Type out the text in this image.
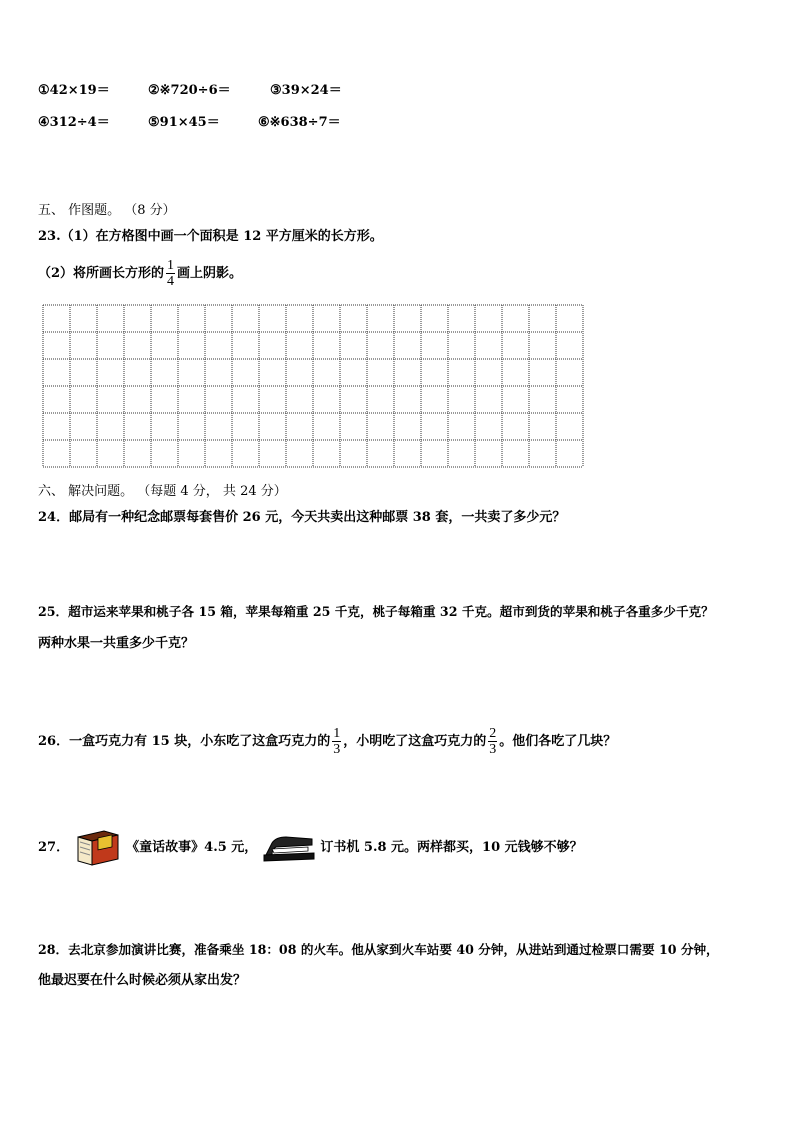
①42×19＝	②※720÷6＝	③39×24＝
④312÷4＝	⑤91×45＝	⑥※638÷7＝
五、 作图题。 （8 分）
23.（1）在方格图中画一个面积是 12 平方厘米的长方形。
（2）将所画长方形的 $\frac{1}{4}$ 画上阴影。
六、 解决问题。 （每题 4 分， 共 24 分）
24．邮局有一种纪念邮票每套售价 26 元，今天共卖出这种邮票 38 套，一共卖了多少元？
25．超市运来苹果和桃子各 15 箱，苹果每箱重 25 千克，桃子每箱重 32 千克。超市到货的苹果和桃子各重多少千克？
两种水果一共重多少千克？
26．一盒巧克力有 15 块，小东吃了这盒巧克力的 $\frac{1}{3}$ ，小明吃了这盒巧克力的 $\frac{2}{3}$ 。他们各吃了几块？
27．	《童话故事》4.5 元，	订书机 5.8 元。两样都买，10 元钱够不够？
28．去北京参加演讲比赛，准备乘坐 18：08 的火车。他从家到火车站要 40 分钟，从进站到通过检票口需要 10 分钟，
他最迟要在什么时候必须从家出发？
